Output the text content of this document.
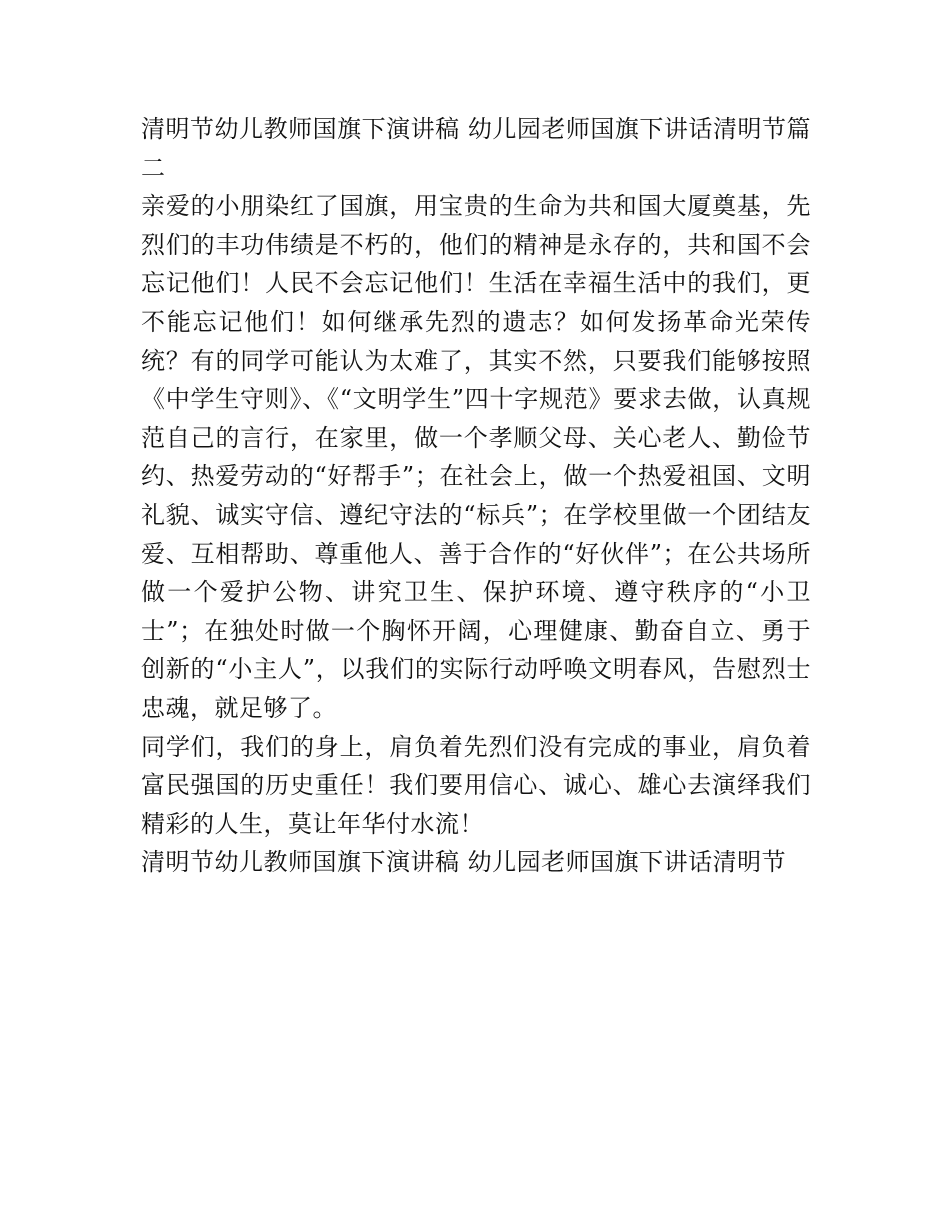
清明节幼儿教师国旗下演讲稿 幼儿园老师国旗下讲话清明节篇二

亲爱的小朋染红了国旗，用宝贵的生命为共和国大厦奠基，先烈们的丰功伟绩是不朽的，他们的精神是永存的，共和国不会忘记他们！人民不会忘记他们！生活在幸福生活中的我们，更不能忘记他们！如何继承先烈的遗志？如何发扬革命光荣传统？有的同学可能认为太难了，其实不然，只要我们能够按照《中学生守则》、《“文明学生”四十字规范》要求去做，认真规范自己的言行，在家里，做一个孝顺父母、关心老人、勤俭节约、热爱劳动的“好帮手”；在社会上，做一个热爱祖国、文明礼貌、诚实守信、遵纪守法的“标兵”；在学校里做一个团结友爱、互相帮助、尊重他人、善于合作的“好伙伴”；在公共场所做一个爱护公物、讲究卫生、保护环境、遵守秩序的“小卫士”；在独处时做一个胸怀开阔，心理健康、勤奋自立、勇于创新的“小主人”，以我们的实际行动呼唤文明春风，告慰烈士忠魂，就足够了。

同学们，我们的身上，肩负着先烈们没有完成的事业，肩负着富民强国的历史重任！我们要用信心、诚心、雄心去演绎我们精彩的人生，莫让年华付水流！

清明节幼儿教师国旗下演讲稿 幼儿园老师国旗下讲话清明节
